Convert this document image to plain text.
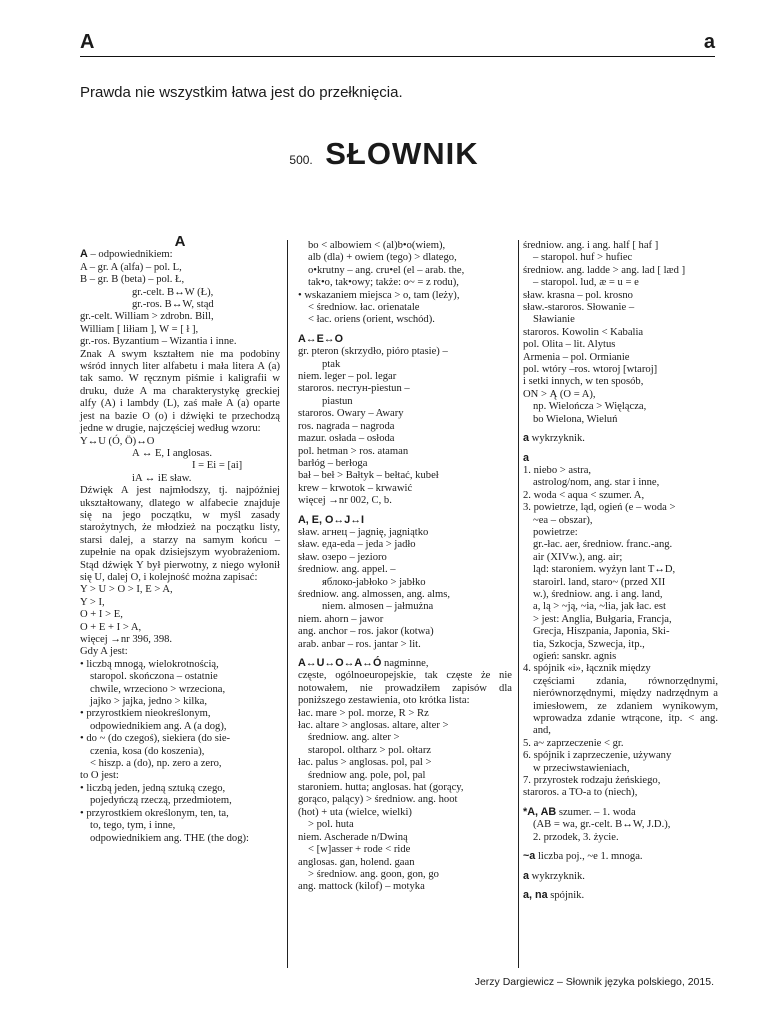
A	a
Prawda nie wszystkim łatwa jest do przełknięcia.
500. SŁOWNIK

A

A – odpowiednikiem:

A – gr. A (alfa) – pol. L,

B – gr. B (beta) – pol. Ł,

gr.-celt. B↔W (Ł),

gr.-ros. B↔W, stąd

gr.-celt. William > zdrobn. Bill,

William [ liłiam ], W = [ ł ],

gr.-ros. Byzantium – Wizantia i inne.

Znak A swym kształtem nie ma podobiny wśród innych liter alfabetu i mała litera A (a) tak samo. W ręcznym piśmie i kaligrafii w druku, duże A ma charakterystykę greckiej alfy (A) i lambdy (L), zaś małe A (a) oparte jest na bazie O (o) i dźwięki te przechodzą jedne w drugie, najczęściej według wzoru:

Y↔U (Ó, Ö)↔O

A ↔ E, I anglosas.

I = Ei = [ai]

iA ↔ iE sław.

Dźwięk A jest najmłodszy, tj. najpóźniej ukształtowany, dlatego w alfabecie znajduje się na jego początku, w myśl zasady starożytnych, że młodzież na początku listy, starsi dalej, a starzy na samym końcu – zupełnie na opak dzisiejszym wyobrażeniom. Stąd dźwięk Y był pierwotny, z niego wyłonił się U, dalej O, i kolejność można zapisać:

Y > U > O > I, E > A,

Y > I,

O + I > E,

O + E + I > A,

więcej →nr 396, 398.

Gdy A jest:

• liczbą mnogą, wielokrotnością,

staropol. skończona – ostatnie

chwile, wrzeciono > wrzeciona,

jajko > jajka, jedno > kilka,

• przyrostkiem nieokreślonym,

odpowiednikiem ang. A (a dog),

• do ~ (do czegoś), siekiera (do sie-

czenia, kosa (do koszenia),

< hiszp. a (do), np. zero a zero,

to O jest:

• liczbą jeden, jedną sztuką czego,

pojedyńczą rzeczą, przedmiotem,

• przyrostkiem określonym, ten, ta,

to, tego, tym, i inne,

odpowiednikiem ang. THE (the dog):

bo < albowiem < (al)b•o(wiem),

alb (dla) + owiem (tego) > dlatego,

o•krutny – ang. cru•el (el – arab. the,

tak•o, tak•owy; także: o~ = z rodu),

• wskazaniem miejsca > o, tam (leży),

< średniow. łac. orienatale

< łac. oriens (orient, wschód).

A↔E↔O

gr. pteron (skrzydło, pióro ptasie) –

ptak

niem. leger – pol. legar

staroros. пестун-piestun –

piastun

staroros. Owary – Awary

ros. nagrada – nagroda

mazur. osłada – osłoda

pol. hetman > ros. ataman

barłóg – berłoga

bał – beł > Bałtyk – bełtać, kubeł

krew – krwotok – krwawić

więcej →nr 002, C, b.

A, E, O↔J↔I

sław. агнец – jagnię, jagniątko

sław. еда-eda – jeda > jadło

sław. озеро – jezioro

średniow. ang. appel. –

яблоко-jabłoko > jabłko

średniow. ang. almossen, ang. alms,

niem. almosen – jałmużna

niem. ahorn – jawor

ang. anchor – ros. jakor (kotwa)

arab. anbar – ros. jantar > lit.

A↔U↔O↔A↔Ó nagminne,

częste, ogólnoeuropejskie, tak częste że nie notowałem, nie prowadziłem zapisów dla poniższego zestawienia, oto krótka lista:

łac. mare > pol. morze, R > Rz

łac. altare > anglosas. altare, alter >

średniow. ang. alter >

staropol. oltharz > pol. ołtarz

łac. palus > anglosas. pol, pal >

średniow ang. pole, pol, pal

staroniem. hutta; anglosas. hat (gorący,

gorąco, palący) > średniow. ang. hoot

(hot) + uta (wielce, wielki)

> pol. huta

niem. Ascherade n/Dwiną

< [w]asser + rode < ride

anglosas. gan, holend. gaan

> średniow. ang. goon, gon, go

ang. mattock (kilof) – motyka

średniow. ang. i ang. half [ haf ]

– staropol. huf > hufiec

średniow. ang. ladde > ang. lad [ læd ]

– staropol. lud, æ = u = e

sław. krasna – pol. krosno

sław.-staroros. Słowanie –

Sławianie

staroros. Kowolin < Kabalia

pol. Olita – lit. Alytus

Armenia – pol. Ormianie

pol. wtóry –ros. wtoroj [wtaroj]

i setki innych, w ten sposób,

ON > Ą (O = A),

np. Wielończa > Więlącza,

bo Wielona, Wieluń

a wykrzyknik.

a

1. niebo > astra,

astrolog/nom, ang. star i inne,

2. woda < aqua < szumer. A,

3. powietrze, ląd, ogień (e – woda >

~ea – obszar),

powietrze:

gr.-łac. aer, średniow. franc.-ang.

air (XIVw.), ang. air;

ląd: staroniem. wyżyn lant T↔D,

staroirl. land, staro~ (przed XII

w.), średniow. ang. i ang. land,

a, lą > ~ją, ~ia, ~lia, jak łac. est

> jest: Anglia, Bułgaria, Francja,

Grecja, Hiszpania, Japonia, Ski-

tia, Szkocja, Szwecja, itp.,

ogień: sanskr. agnis

4. spójnik «i», łącznik między

częściami zdania, równorzędnymi, nierównorzędnymi, między nadrzędnym a imiesłowem, ze zdaniem wynikowym, wprowadza zdanie wtrącone, itp. < ang. and,

5. a~ zaprzeczenie < gr.

6. spójnik i zaprzeczenie, używany

w przeciwstawieniach,

7. przyrostek rodzaju żeńskiego,

staroros. a TO-a to (niech),

*A, AB szumer. – 1. woda

(AB = wa, gr.-celt. B↔W, J.D.),

2. przodek, 3. życie.

~a liczba poj., ~e 1. mnoga.

a wykrzyknik.

a, na spójnik.

Jerzy Dargiewicz – Słownik języka polskiego, 2015.
